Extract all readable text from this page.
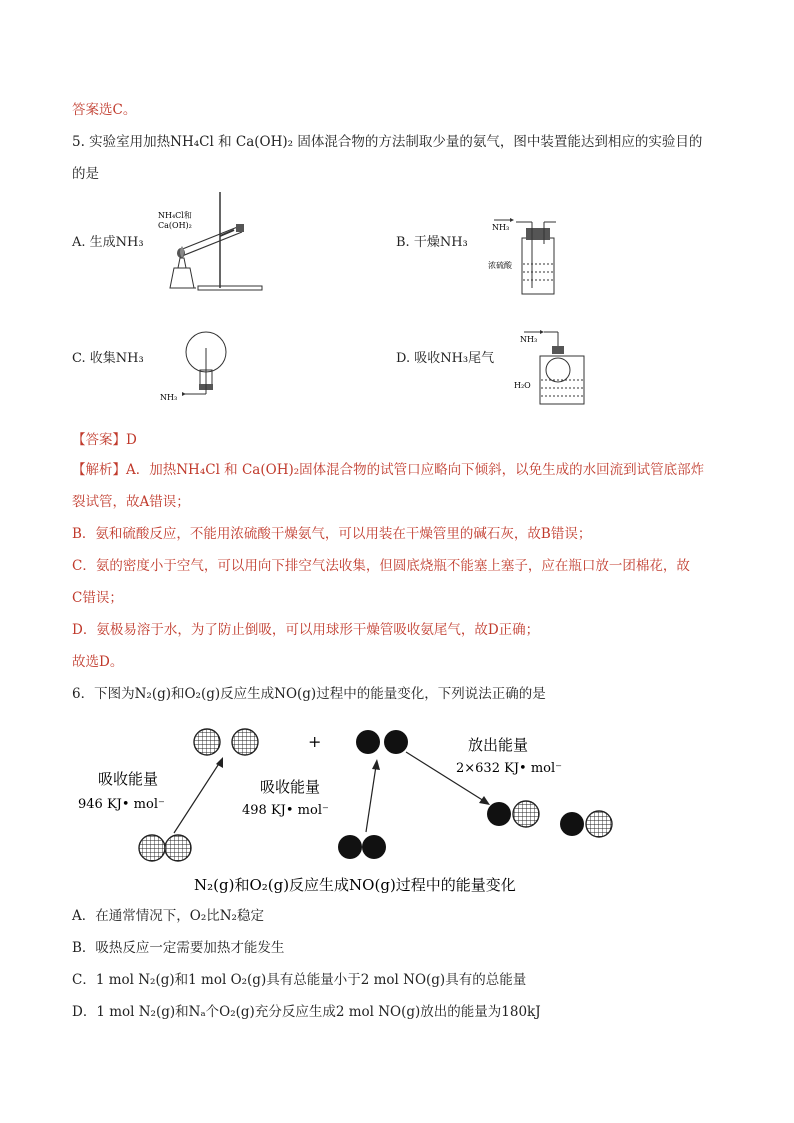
答案选C。
5. 实验室用加热NH₄Cl 和 Ca(OH)₂ 固体混合物的方法制取少量的氨气，图中装置能达到相应的实验目的
的是
A. 生成NH₃	B. 干燥NH₃
C. 收集NH₃	D. 吸收NH₃尾气
NH₄Cl和
Ca(OH)₂	NH₃
浓硫酸
NH₃
NH₃
H₂O
【答案】D
【解析】A．加热NH₄Cl 和 Ca(OH)₂固体混合物的试管口应略向下倾斜，以免生成的水回流到试管底部炸
裂试管，故A错误；
B．氨和硫酸反应，不能用浓硫酸干燥氨气，可以用装在干燥管里的碱石灰，故B错误；
C．氨的密度小于空气，可以用向下排空气法收集，但圆底烧瓶不能塞上塞子，应在瓶口放一团棉花，故
C错误；
D．氨极易溶于水，为了防止倒吸，可以用球形干燥管吸收氨尾气，故D正确；
故选D。
6．下图为N₂(g)和O₂(g)反应生成NO(g)过程中的能量变化，下列说法正确的是
+
吸收能量
946 KJ• mol⁻
吸收能量
498 KJ• mol⁻
放出能量
2×632 KJ• mol⁻
N₂(g)和O₂(g)反应生成NO(g)过程中的能量变化
A．在通常情况下，O₂比N₂稳定
B．吸热反应一定需要加热才能发生
C．1 mol N₂(g)和1 mol O₂(g)具有总能量小于2 mol NO(g)具有的总能量
D．1 mol N₂(g)和Nₐ个O₂(g)充分反应生成2 mol NO(g)放出的能量为180kJ
